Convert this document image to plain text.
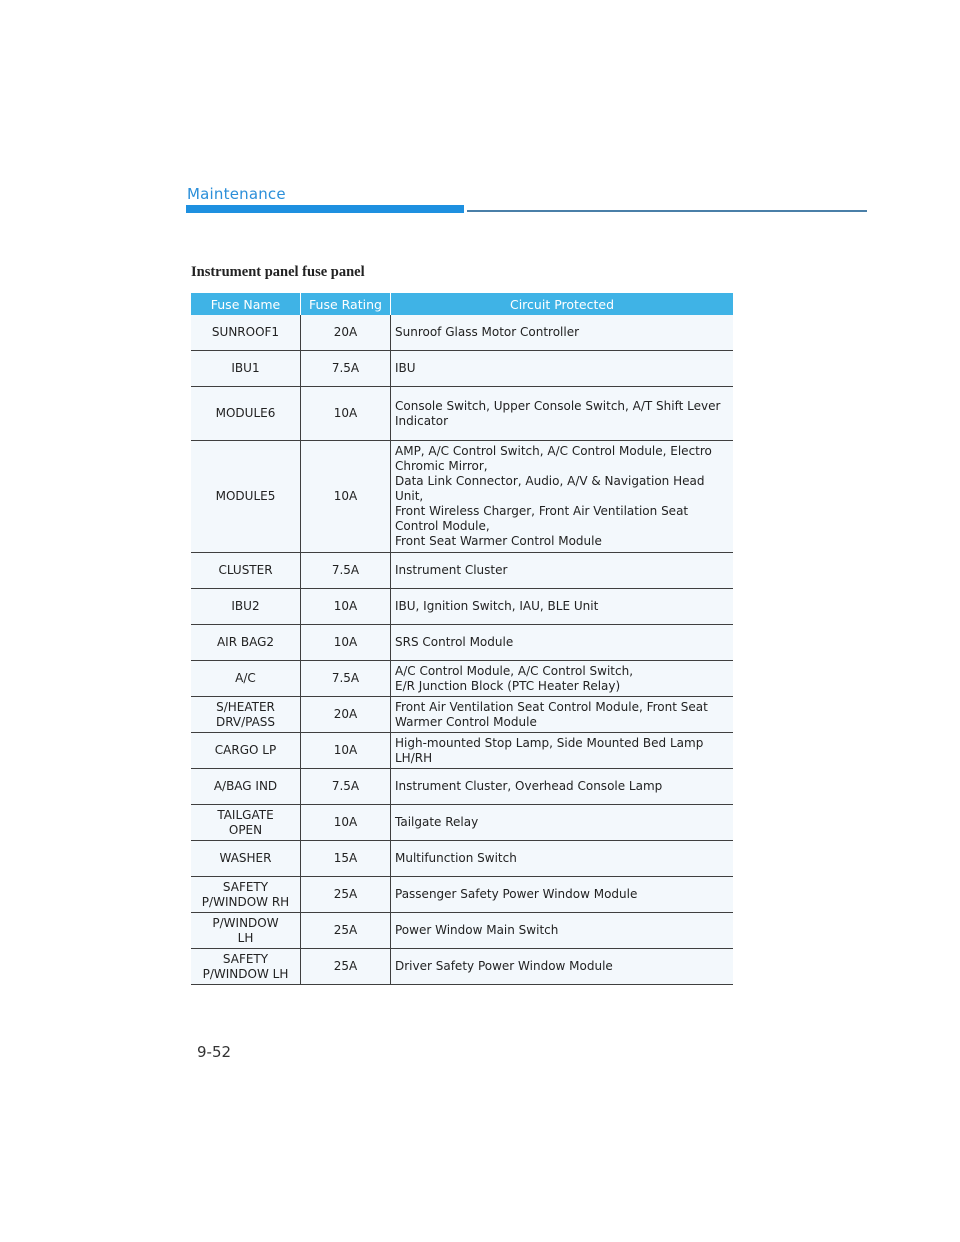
Maintenance
Instrument panel fuse panel
Fuse Name	Fuse Rating	Circuit Protected
SUNROOF1	20A	Sunroof Glass Motor Controller
IBU1	7.5A	IBU
MODULE6	10A	Console Switch, Upper Console Switch, A/T Shift Lever Indicator
MODULE5	10A	AMP, A/C Control Switch, A/C Control Module, Electro Chromic Mirror,
Data Link Connector, Audio, A/V & Navigation Head Unit,
Front Wireless Charger, Front Air Ventilation Seat Control Module,
Front Seat Warmer Control Module
CLUSTER	7.5A	Instrument Cluster
IBU2	10A	IBU, Ignition Switch, IAU, BLE Unit
AIR BAG2	10A	SRS Control Module
A/C	7.5A	A/C Control Module, A/C Control Switch,
E/R Junction Block (PTC Heater Relay)
S/HEATER
DRV/PASS	20A	Front Air Ventilation Seat Control Module, Front Seat Warmer Control Module
CARGO LP	10A	High-mounted Stop Lamp, Side Mounted Bed Lamp LH/RH
A/BAG IND	7.5A	Instrument Cluster, Overhead Console Lamp
TAILGATE
OPEN	10A	Tailgate Relay
WASHER	15A	Multifunction Switch
SAFETY
P/WINDOW RH	25A	Passenger Safety Power Window Module
P/WINDOW
LH	25A	Power Window Main Switch
SAFETY
P/WINDOW LH	25A	Driver Safety Power Window Module
9-52
